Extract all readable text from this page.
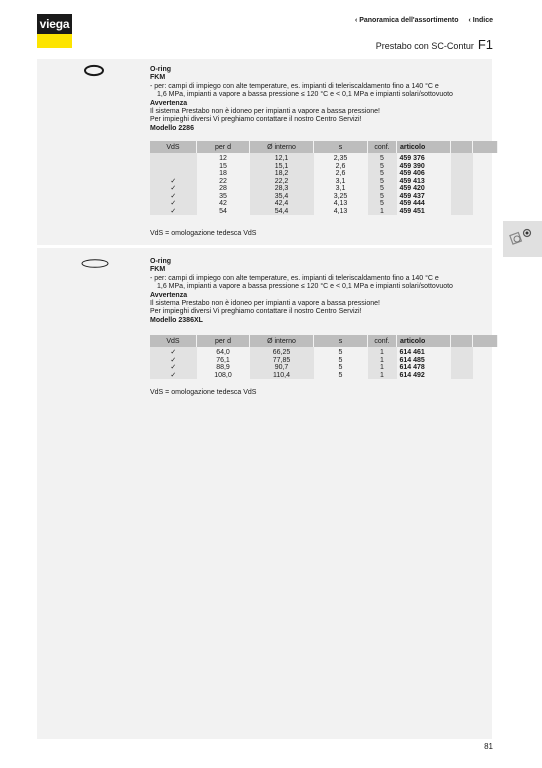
viega	‹ Panoramica dell'assortimento ‹ Indice
Prestabo con SC-Contur F1
O-ring
FKM
- per: campi di impiego con alte temperature, es. impianti di teleriscaldamento fino a 140 °C e
1,6 MPa, impianti a vapore a bassa pressione ≤ 120 °C e < 0,1 MPa e impianti solari/sottovuoto
Avvertenza
Il sistema Prestabo non è idoneo per impianti a vapore a bassa pressione!
Per impieghi diversi Vi preghiamo contattare il nostro Centro Servizi!
Modello 2286
VdS	per d	Ø interno	s	conf.	articolo		
	12	12,1	2,35	5	459 376		
	15	15,1	2,6	5	459 390		
	18	18,2	2,6	5	459 406		
✓	22	22,2	3,1	5	459 413		
✓	28	28,3	3,1	5	459 420		
✓	35	35,4	3,25	5	459 437		
✓	42	42,4	4,13	5	459 444		
✓	54	54,4	4,13	1	459 451		
VdS = omologazione tedesca VdS
O-ring
FKM
- per: campi di impiego con alte temperature, es. impianti di teleriscaldamento fino a 140 °C e
1,6 MPa, impianti a vapore a bassa pressione ≤ 120 °C e < 0,1 MPa e impianti solari/sottovuoto
Avvertenza
Il sistema Prestabo non è idoneo per impianti a vapore a bassa pressione!
Per impieghi diversi Vi preghiamo contattare il nostro Centro Servizi!
Modello 2386XL
VdS	per d	Ø interno	s	conf.	articolo		
✓	64,0	66,25	5	1	614 461		
✓	76,1	77,85	5	1	614 485		
✓	88,9	90,7	5	1	614 478		
✓	108,0	110,4	5	1	614 492		
VdS = omologazione tedesca VdS
81
